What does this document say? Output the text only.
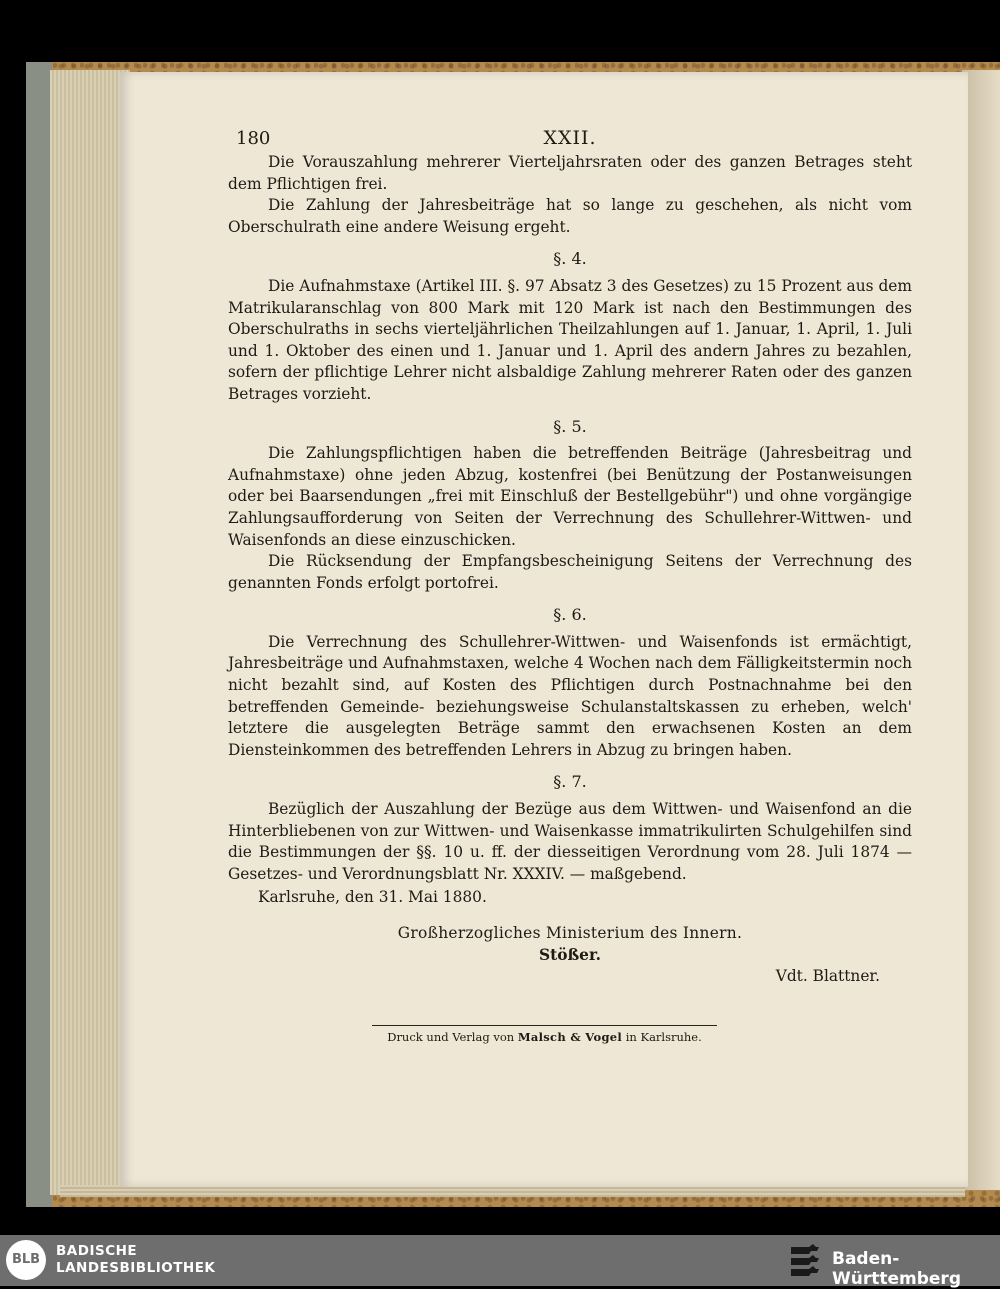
180	XXII.

Die Vorauszahlung mehrerer Vierteljahrsraten oder des ganzen Betrages steht dem Pflichtigen frei.

Die Zahlung der Jahresbeiträge hat so lange zu geschehen, als nicht vom Oberschulrath eine andere Weisung ergeht.

§. 4.

Die Aufnahmstaxe (Artikel III. §. 97 Absatz 3 des Gesetzes) zu 15 Prozent aus dem Matrikularanschlag von 800 Mark mit 120 Mark ist nach den Bestimmungen des Oberschulraths in sechs vierteljährlichen Theilzahlungen auf 1. Januar, 1. April, 1. Juli und 1. Oktober des einen und 1. Januar und 1. April des andern Jahres zu bezahlen, sofern der pflichtige Lehrer nicht alsbaldige Zahlung mehrerer Raten oder des ganzen Betrages vorzieht.

§. 5.

Die Zahlungspflichtigen haben die betreffenden Beiträge (Jahresbeitrag und Aufnahmstaxe) ohne jeden Abzug, kostenfrei (bei Benützung der Postanweisungen oder bei Baarsendungen „frei mit Einschluß der Bestellgebühr") und ohne vorgängige Zahlungsaufforderung von Seiten der Verrechnung des Schullehrer-Wittwen- und Waisenfonds an diese einzuschicken.

Die Rücksendung der Empfangsbescheinigung Seitens der Verrechnung des genannten Fonds erfolgt portofrei.

§. 6.

Die Verrechnung des Schullehrer-Wittwen- und Waisenfonds ist ermächtigt, Jahresbeiträge und Aufnahmstaxen, welche 4 Wochen nach dem Fälligkeitstermin noch nicht bezahlt sind, auf Kosten des Pflichtigen durch Postnachnahme bei den betreffenden Gemeinde- beziehungsweise Schulanstaltskassen zu erheben, welch' letztere die ausgelegten Beträge sammt den erwachsenen Kosten an dem Diensteinkommen des betreffenden Lehrers in Abzug zu bringen haben.

§. 7.

Bezüglich der Auszahlung der Bezüge aus dem Wittwen- und Waisenfond an die Hinterbliebenen von zur Wittwen- und Waisenkasse immatrikulirten Schulgehilfen sind die Bestimmungen der §§. 10 u. ff. der diesseitigen Verordnung vom 28. Juli 1874 — Gesetzes- und Verordnungsblatt Nr. XXXIV. — maßgebend.

Karlsruhe, den 31. Mai 1880.

Großherzogliches Ministerium des Innern.
Stößer.
Vdt. Blattner.
Druck und Verlag von Malsch & Vogel in Karlsruhe.
BLB
BADISCHE
LANDESBIBLIOTHEK	Baden-Württemberg
